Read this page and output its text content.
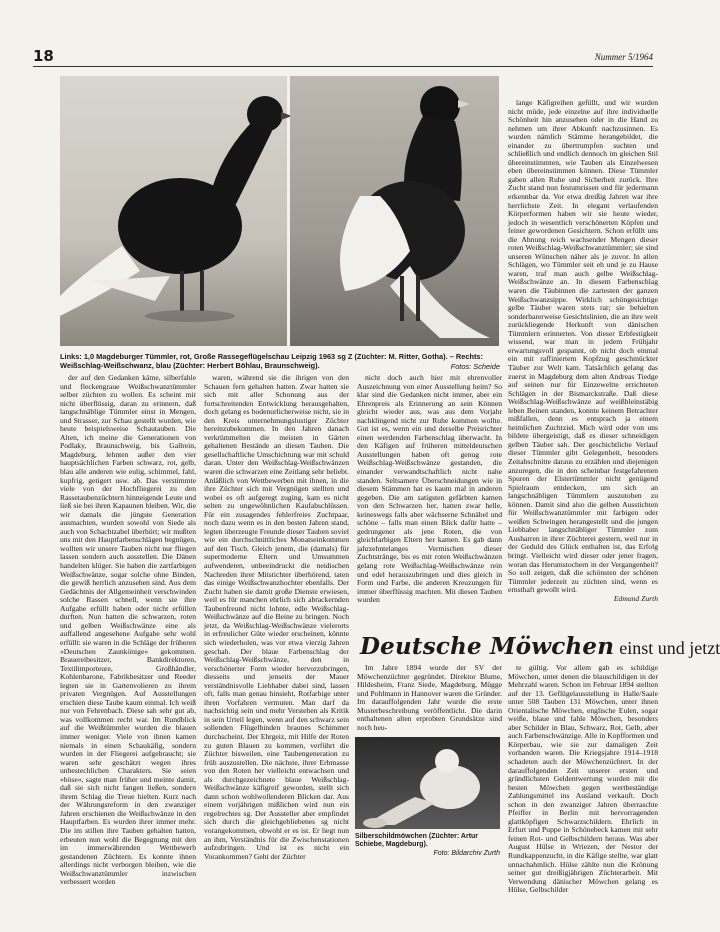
18	Nummer 5/1964
Links: 1,0 Magdeburger Tümmler, rot, Große Rassegeflügelschau Leipzig 1963 sg Z (Züchter: M. Ritter, Gotha). – Rechts: Weißschlag-Weißschwanz, blau (Züchter: Herbert Böhlau, Braunschweig).	Fotos: Scheide

der auf den Gedanken käme, silberfahle und fleckengraue Weißschwanztümmler selber züchten zu wollen. Es scheint mir nicht überflüssig, daran zu erinnern, daß langschnäblige Tümmler einst in Mengen, und Strasser, zur Schau gestellt wurden, wie heute beispielsweise Schautauben. Die Alten, ich meine die Generationen von Podlaky, Braunschweig, bis Gallrein, Magdeburg, lehnten außer den vier hauptsächlichen Farben schwarz, rot, gelb, blau alle anderen wie eulig, schimmel, fahl, kupfrig, getigert usw. ab. Das verstimmte viele von der Hochfliegerei zu den Rassetaubenzüchtern hinneigende Leute und ließ sie bei ihren Kapaunen bleiben. Wir, die wir damals die jüngste Generation ausmachten, wurden sowohl von Siede als auch von Schachtzabel überhört; wir mußten uns mit den Hauptfarbenschlägen begnügen, wollten wir unsere Tauben nicht nur fliegen lassen sondern auch ausstellen. Die Dänen handelten klüger. Sie haben die zartfarbigen Weißschwänze, sogar solche ohne Binden, die gewiß herrlich anzusehen sind. Aus dem Gedächtnis der Allgemeinheit verschwinden solche Rassen schnell, wenn sie ihre Aufgabe erfüllt haben oder nicht erfüllen durften. Nun hatten die schwarzen, roten und gelben Weißschwänze eine als auffallend angesehene Aufgabe sehr wohl erfüllt: sie waren in die Schläge der früheren »Deutschen Zaunkönige« gekommen. Brauereibesitzer, Bankdirektoren, Textilimporteure, Großhändler, Kohlenbarone, Fabrikbesitzer und Reeder legten sie in Gartenvolieren zu ihrem privaten Vergnügen. Auf Ausstellungen erschien diese Taube kaum einmal. Ich weiß nur von Fehrenbach. Diese sah sehr gut ab, was vollkommen recht war. Im Rundblick auf die Weißtümmler wurden die blauen immer weniger. Viele von ihnen kamen niemals in einen Schaukäfig, sondern wurden in der Fliegerei aufgebraucht; sie waren sehr geschätzt wegen ihres unbestechlichen Charakters. Sie seien »böse«, sagte man früher und meinte damit, daß sie sich nicht fangen ließen, sondern ihrem Schlag die Treue hielten. Kurz nach der Währungsreform in den zwanziger Jahren erschienen die Weißschwänze in den Hauptfarben. Es wurden ihrer immer mehr. Die im stillen ihre Tauben gehalten hatten, erbeuten nun wohl die Begegnung mit den im immerwährenden Wettbewerb gestandenen Züchtern. Es konnte ihnen allerdings nicht verborgen bleiben, wie die Weißschwanztümmler inzwischen verbessert worden

waren, während sie die ihrigen von den Schauen fern gehalten hatten. Zwar hatten sie sich mit aller Schonung aus der fortschreitenden Entwicklung herausgehalten, doch gelang es bodenurlicherweise nicht, sie in den Kreis unternehmungslustiger Züchter hereinzubekommen. In den Jahren danach verkrümmelten die meisten in Gärten gehaltenen Bestände an diesen Tauben. Die gesellschaftliche Umschichtung war mit schuld daran. Unter den Weißschlag-Weißschwänzen waren die schwarzen eine Zeitlang sehr beliebt. Anläßlich von Wettbewerben mit ihnen, in die ihre Züchter sich mit Vergnügen stellten und wobei es oft aufgeregt zuging, kam es nicht selten zu ungewöhnlichen Kaufabschlüssen. Für ein zusagendes fehlerfreies Zuchtpaar, noch dazu wenn es in den besten Jahren stand, legten überzeugte Freunde dieser Tauben soviel wie ein durchschnittliches Monatseinkommen auf den Tisch. Gleich jenem, die (damals) für supermoderne Eltern und Umsummen aufwendeten, unbeeindruckt die neidischen Nachreden ihrer Mitstichter überhörend, taten das einige Weißschwanzhochter ebenfalls. Der Zucht haben sie damit große Dienste erwiesen, weil es für manchen ehrlich sich abrackernden Taubenfreund nicht lohnte, edle Weißschlag-Weißschwänze auf die Beine zu bringen. Noch jetzt, da Weißschlag-Weißschwänze vielerorts in erfreulicher Güte wieder erscheinen, könnte sich wiederholen, was vor etwa vierzig Jahren geschah. Der blaue Farbenschlag der Weißschlag-Weißschwänze, den in verschönerter Form wieder hervorzubringen, diesseits und jenseits der Mauer verständnisvolle Liebhaber dabei sind, lassen oft, falls man genau hinsieht, Rotfarbige unter ihren Vorfahren vermuten. Man darf da nachsichtig sein und mehr Verstehen als Kritik in sein Urteil legen, wenn auf den schwarz sein sollenden Flügelbinden braunes Schimmer durchscheint. Der Ehrgeiz, mit Hilfe der Roten zu guten Blauen zu kommen, verführt die Züchter bisweilen, eine Taubengeneration zu früh auszustellen. Die nächste, ihrer Erbmasse von den Roten her vielleicht entwachsen und als durchgezeichnete blaue Weißschlag-Weißschwänze käfigreif geworden, stellt sich dann schon wohlwollenderen Blicken dar. Aus einem vorjährigen mißlichen wird nun ein regelrechtes sg. Der Aussteller aber empfindet sich durch die gleichgebliebenes sg nicht vorangekommen, obwohl er es ist. Er liegt nun an ihm, Verständnis für die Zwischenstationen aufzubringen. Und ist es nicht ein Vorankommen? Geht der Züchter

nicht doch auch hier mit ehrenvoller Auszeichnung von einer Ausstellung heim? So klar sind die Gedanken nicht immer, aber ein Ehrenpreis als Erinnerung an sein Können gleicht wieder aus, was aus dem Vorjahr nachklingend nicht zur Ruhe kommen wollte. Gut ist es, wenn ein und derselbe Preisrichter einen werdenden Farbenschlag überwacht. In den Käfigen auf früheren mitteldeutschen Ausstellungen haben oft genug rote Weißschlag-Weißschwänze gestanden, die einander verwandtschaftlich nicht nahe standen. Seltsamere Überschneidungen wie in diesem Stämmen hat es kaum mal in anderen gegeben. Die am satigsten gefärbten kamen von den Schwarzen her, hatten zwar helle, keineswegs falls aber wächserne Schnäbel und schöne – falls man einen Blick dafür hatte – gedrungener als jene Roten, die von gleichfarbigen Eltern her kamen. Es gab dann jahrzehntelanges Vermischen dieser Zuchtstränge, bis es mit roten Weißschwänzen gelang rote Weißschlag-Weißschwänze rein und edel herauszubringen und dies gleich in Form und Farbe, die anderen Kreuzungen für immer überflüssig machten. Mit diesen Tauben wurden

lange Käfigreihen gefüllt, und wir wurden nicht müde, jede einzelne auf ihre individuelle Schönheit hin anzusehen oder in die Hand zu nehmen um ihrer Abkunft nachzusinnen. Es wurden nämlich Stämme herangebildet, die einander zu übertrumpfen suchten und schließlich und endlich dennoch im gleichen Stil übereinstimmten, wie Tauben als Einzelwesen eben übereinstimmen können. Diese Tümmler gaben allen Ruhe und Sicherheit zurück. Ihre Zucht stand nun festumrissen und für jedermann erkennbar da. Vor etwa dreißig Jahren war ihre herrlichste Zeit. In elegant verlaufenden Körperformen haben wir sie heute wieder, jedoch in wesentlich verschönerten Köpfen und feiner gewordenen Gesichtern. Schon erfüllt uns die Ahnung reich wachsender Mengen dieser roten Weißschlag-Weißschwanztümmler; sie sind unseren Wünschen näher als je zuvor. In allen Schlägen, wo Tümmler seit eh und je zu Hause waren, traf man auch gelbe Weißschlag-Weißschwänze an. In diesem Farbenschlag waren die Täubinnen die zartesten der ganzen Weißschwanzsippe. Wirklich schöngesichtige gelbe Täuber waren stets rar; sie behielten sonderbarerweise Gesichtslinien, die an ihre weit zurückliegende Herkunft von dänischen Tümmlern erinnerten. Von dieser Erbfestigkeit wissend, war man in jedem Frühjahr erwartungsvoll gespannt, ob nicht doch einmal ein mit raffiniertem Kopfzug geschmückter Täuber zur Welt kam. Tatsächlich gelang das zuerst in Magdeburg dem alten Andreas Tiedge auf seinen nur für Einzeweltte errichteten Schlägen in der Bismarckstraße. Daß diese Weißschlag-Weißschwänze auf weißbleinstäbig leben Beinen standen, konnte keinem Betrachter mißfallen, denn es entsprach ja einem heimlichen Zuchtziel. Mich wird oder von uns bildete übergeistigt, daß es dieser schneidigen gelben Täuber sah. Der geschichtliche Verlauf dieser Tümmler gibt Gelegenheit, besonders Zeitabschnitte daraus zu erzählen und diejenigen anzuregen, die in den scheinbar festgefahrenen Spuren der Elstertümmler nicht genügend Spielraum entdecken, um sich an langschnäbligen Tümmlern auszutoben zu können. Damit sind also die gelben Ausstichten für Weißschwanztümmler mit farbigen oder weißen Schwingen herangestellt und die jungen Liebhaber langschnäbliger Tümmler zum Ausharren in ihrer Züchterei gestern, weil nur in der Geduld des Glück enthalten ist, das Erfolg bringt. Vielleicht wird dieser oder jener fragen, woran das Herumstochern in der Vergangenheit? So soll zeigen, daß die schönsten der schönen Tümmler jederzeit zu züchten sind, wenn es ernsthaft gewollt wird.

Edmund Zurth
Deutsche Möwchen einst und jetzt

Im Jahre 1894 wurde der SV der Möwchenzüchter gegründet. Direktor Blume, Hildesheim, Franz Siede, Magdeburg, Mügge und Pohlmann in Hannover waren die Gründer. Im darauffolgenden Jahr wurde die erste Musterbeschreibung veröffentlicht. Die darin enthaltenen alten erprobten Grundsätze sind noch heu-

te gültig. Vor allem gab es schildige Möwchen, unter denen die blauschildigen in der Mehrzahl waren. Schon im Februar 1894 stellten auf der 13. Geflügelausstellung in Halle/Saale unter 508 Tauben 131 Möwchen, unter ihnen Orientalische Möwchen, englische Eulen, sogar weiße, blaue und fahle Möwchen, besonders aber Schilder in Blau, Schwarz, Rot, Gelb, aber auch Farbenschwänzige. Alle in Kopfformen und Körperbau, wie sie zur damaligen Zeit vorhanden waren. Die Kriegsjahre 1914–1918 schadeten auch der Möwchenzüchtert. In der darauffolgenden Zeit unserer ersten und gründlichsten Geldentwertung wurden mit die besten Möwchen gegen wertbeständige Zahlungsmittel ins Ausland verkauft. Doch schon in den zwanziger Jahren überraschte Pfeiffer in Berlin mit hervorragenden glattköpfigen Schwarzschildern. Ehrlich in Erfurt und Puppe in Schönebeck kamen mit sehr feinen Rot- und Gelbschildern heraus. Was aber August Hülse in Wriezen, der Nestor der Rundkappenzucht, in die Käfige stellte, war glatt unnachahmlich. Hülse zählte nun die Krönung seiner gut dreißigjährigen Züchterarbeit. Mit Verwendung dänischer Möwchen gelang es Hülse, Gelbschilder

Silberschildmöwchen (Züchter: Artur Schiebe, Magdeburg).
Foto: Bildarchiv Zurth
